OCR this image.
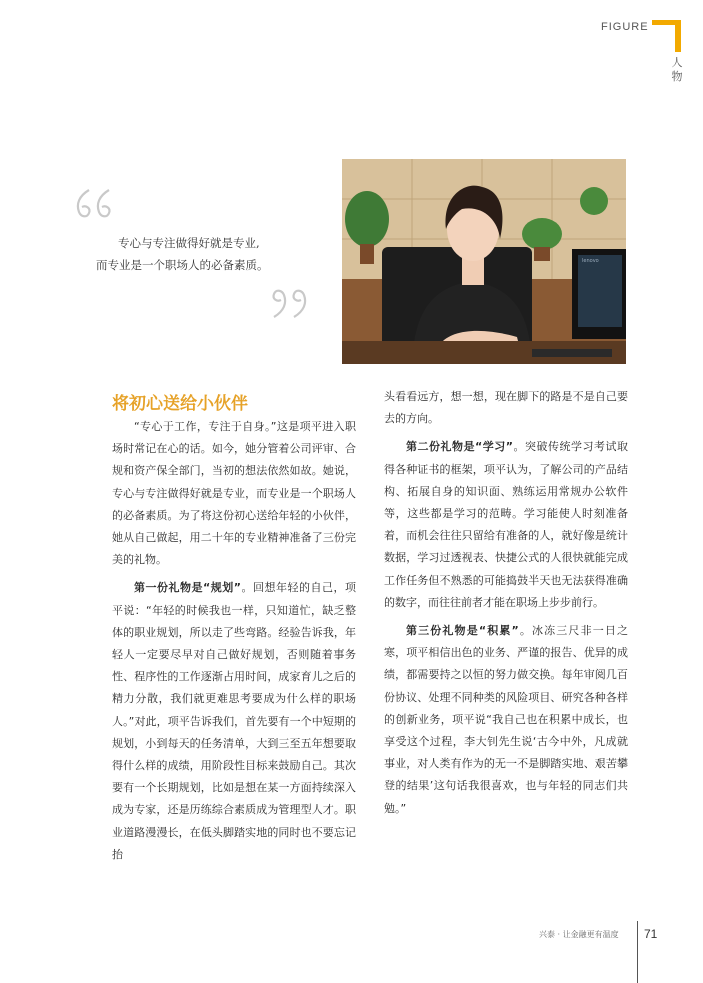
FIGURE
人
物
专心与专注做得好就是专业,
而专业是一个职场人的必备素质。	lenovo
将初心送给小伙伴

“专心于工作，专注于自身。”这是项平进入职场时常记在心的话。如今，她分管着公司评审、合规和资产保全部门，当初的想法依然如故。她说，专心与专注做得好就是专业，而专业是一个职场人的必备素质。为了将这份初心送给年轻的小伙伴，她从自己做起，用二十年的专业精神准备了三份完美的礼物。

第一份礼物是“规划”。回想年轻的自己，项平说：“年轻的时候我也一样，只知道忙，缺乏整体的职业规划，所以走了些弯路。经验告诉我，年轻人一定要尽早对自己做好规划，否则随着事务性、程序性的工作逐渐占用时间，成家育儿之后的精力分散，我们就更难思考要成为什么样的职场人。”对此，项平告诉我们，首先要有一个中短期的规划，小到每天的任务清单，大到三至五年想要取得什么样的成绩，用阶段性目标来鼓励自己。其次要有一个长期规划，比如是想在某一方面持续深入成为专家，还是历练综合素质成为管理型人才。职业道路漫漫长，在低头脚踏实地的同时也不要忘记抬

头看看远方，想一想，现在脚下的路是不是自己要去的方向。

第二份礼物是“学习”。突破传统学习考试取得各种证书的框架，项平认为，了解公司的产品结构、拓展自身的知识面、熟练运用常规办公软件等，这些都是学习的范畴。学习能使人时刻准备着，而机会往往只留给有准备的人，就好像是统计数据，学习过透视表、快捷公式的人很快就能完成工作任务但不熟悉的可能捣鼓半天也无法获得准确的数字，而往往前者才能在职场上步步前行。

第三份礼物是“积累”。冰冻三尺非一日之寒，项平相信出色的业务、严谨的报告、优异的成绩，都需要持之以恒的努力做交换。每年审阅几百份协议、处理不同种类的风险项目、研究各种各样的创新业务，项平说“我自己也在积累中成长，也享受这个过程，李大钊先生说‘古今中外，凡成就事业，对人类有作为的无一不是脚踏实地、艰苦攀登的结果’这句话我很喜欢，也与年轻的同志们共勉。”

兴泰 · 让金融更有温度 71
